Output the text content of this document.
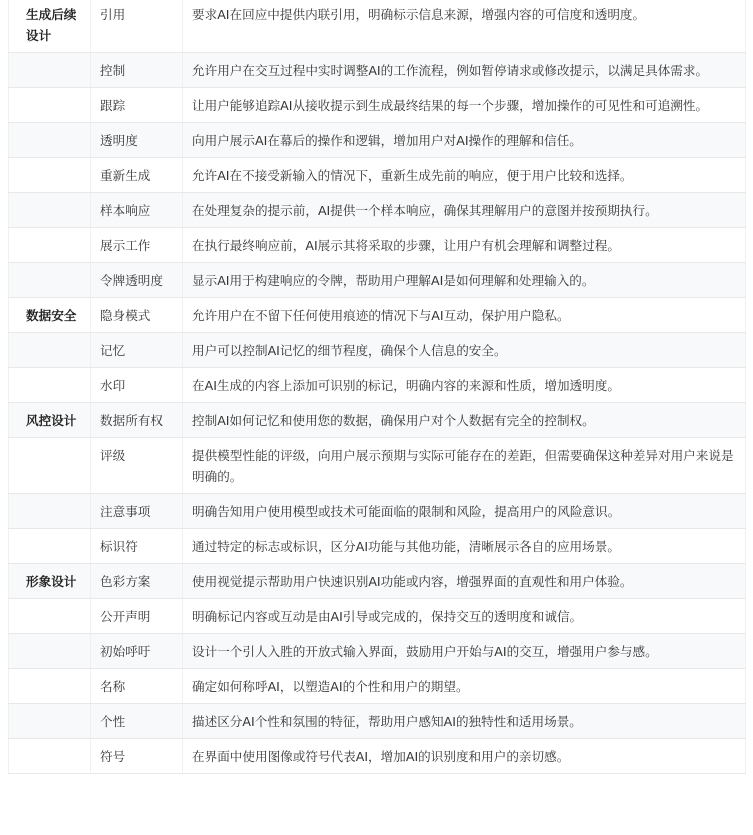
生成后续设计	引用	要求AI在回应中提供内联引用，明确标示信息来源，增强内容的可信度和透明度。
	控制	允许用户在交互过程中实时调整AI的工作流程，例如暂停请求或修改提示，以满足具体需求。
	跟踪	让用户能够追踪AI从接收提示到生成最终结果的每一个步骤，增加操作的可见性和可追溯性。
	透明度	向用户展示AI在幕后的操作和逻辑，增加用户对AI操作的理解和信任。
	重新生成	允许AI在不接受新输入的情况下，重新生成先前的响应，便于用户比较和选择。
	样本响应	在处理复杂的提示前，AI提供一个样本响应，确保其理解用户的意图并按预期执行。
	展示工作	在执行最终响应前，AI展示其将采取的步骤，让用户有机会理解和调整过程。
	令牌透明度	显示AI用于构建响应的令牌，帮助用户理解AI是如何理解和处理输入的。
数据安全	隐身模式	允许用户在不留下任何使用痕迹的情况下与AI互动，保护用户隐私。
	记忆	用户可以控制AI记忆的细节程度，确保个人信息的安全。
	水印	在AI生成的内容上添加可识别的标记，明确内容的来源和性质，增加透明度。
风控设计	数据所有权	控制AI如何记忆和使用您的数据，确保用户对个人数据有完全的控制权。
	评级	提供模型性能的评级，向用户展示预期与实际可能存在的差距，但需要确保这种差异对用户来说是明确的。
	注意事项	明确告知用户使用模型或技术可能面临的限制和风险，提高用户的风险意识。
	标识符	通过特定的标志或标识，区分AI功能与其他功能，清晰展示各自的应用场景。
形象设计	色彩方案	使用视觉提示帮助用户快速识别AI功能或内容，增强界面的直观性和用户体验。
	公开声明	明确标记内容或互动是由AI引导或完成的，保持交互的透明度和诚信。
	初始呼吁	设计一个引人入胜的开放式输入界面，鼓励用户开始与AI的交互，增强用户参与感。
	名称	确定如何称呼AI，以塑造AI的个性和用户的期望。
	个性	描述区分AI个性和氛围的特征，帮助用户感知AI的独特性和适用场景。
	符号	在界面中使用图像或符号代表AI，增加AI的识别度和用户的亲切感。
